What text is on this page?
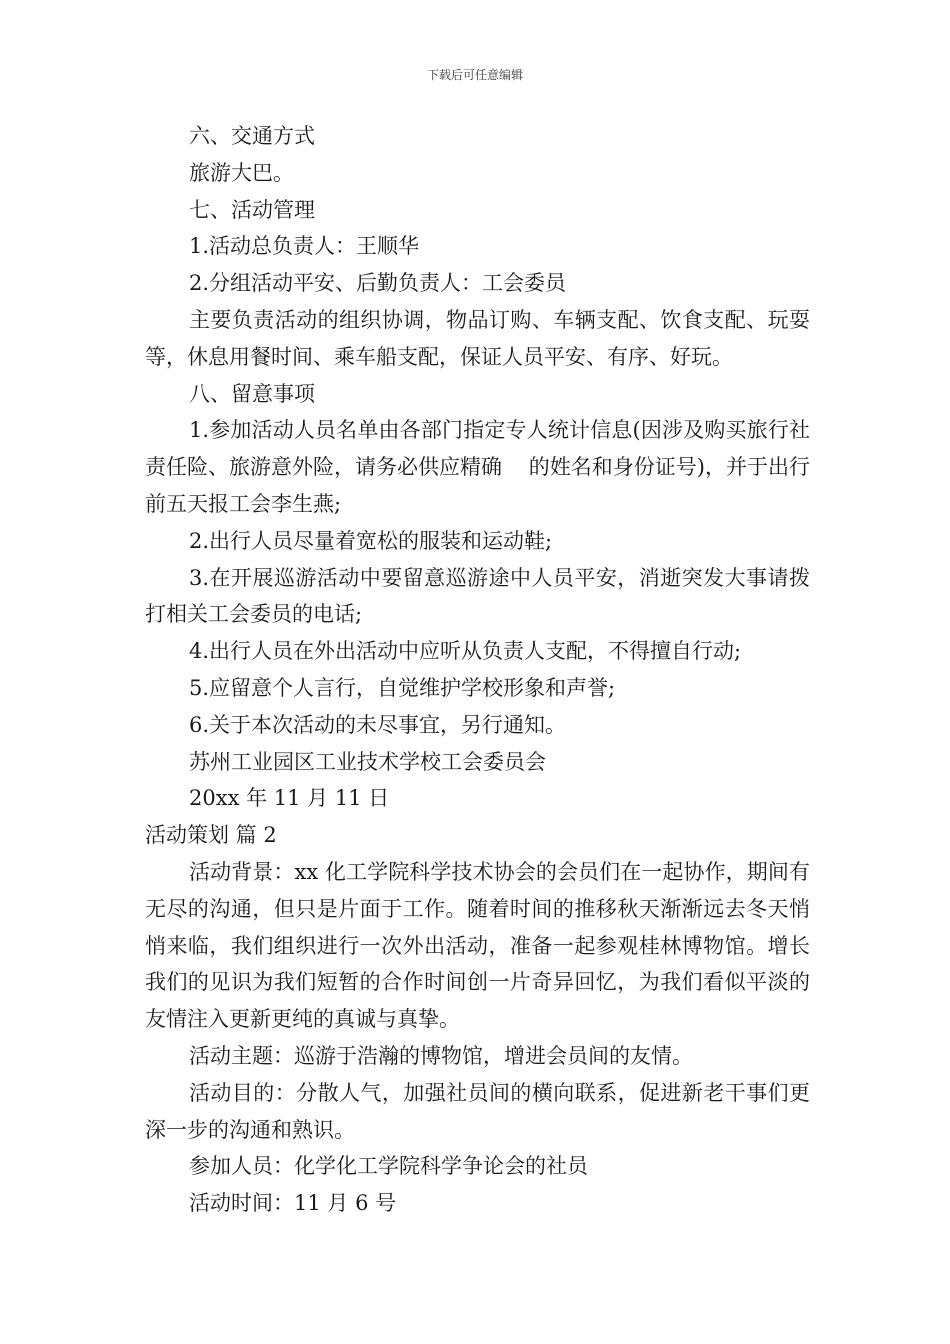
下载后可任意编辑

六、交通方式

旅游大巴。

七、活动管理

1.活动总负责人：王顺华

2.分组活动平安、后勤负责人：工会委员

主要负责活动的组织协调，物品订购、车辆支配、饮食支配、玩耍等，休息用餐时间、乘车船支配，保证人员平安、有序、好玩。

八、留意事项

1.参加活动人员名单由各部门指定专人统计信息(因涉及购买旅行社责任险、旅游意外险，请务必供应精确    的姓名和身份证号)，并于出行前五天报工会李生燕;

2.出行人员尽量着宽松的服装和运动鞋;

3.在开展巡游活动中要留意巡游途中人员平安，消逝突发大事请拨打相关工会委员的电话;

4.出行人员在外出活动中应听从负责人支配，不得擅自行动;

5.应留意个人言行，自觉维护学校形象和声誉;

6.关于本次活动的未尽事宜，另行通知。

苏州工业园区工业技术学校工会委员会

20xx 年 11 月 11 日

活动策划 篇 2

活动背景：xx 化工学院科学技术协会的会员们在一起协作，期间有无尽的沟通，但只是片面于工作。随着时间的推移秋天渐渐远去冬天悄悄来临，我们组织进行一次外出活动，准备一起参观桂林博物馆。增长我们的见识为我们短暂的合作时间创一片奇异回忆，为我们看似平淡的友情注入更新更纯的真诚与真挚。

活动主题：巡游于浩瀚的博物馆，增进会员间的友情。

活动目的：分散人气，加强社员间的横向联系，促进新老干事们更深一步的沟通和熟识。

参加人员：化学化工学院科学争论会的社员

活动时间：11 月 6 号
